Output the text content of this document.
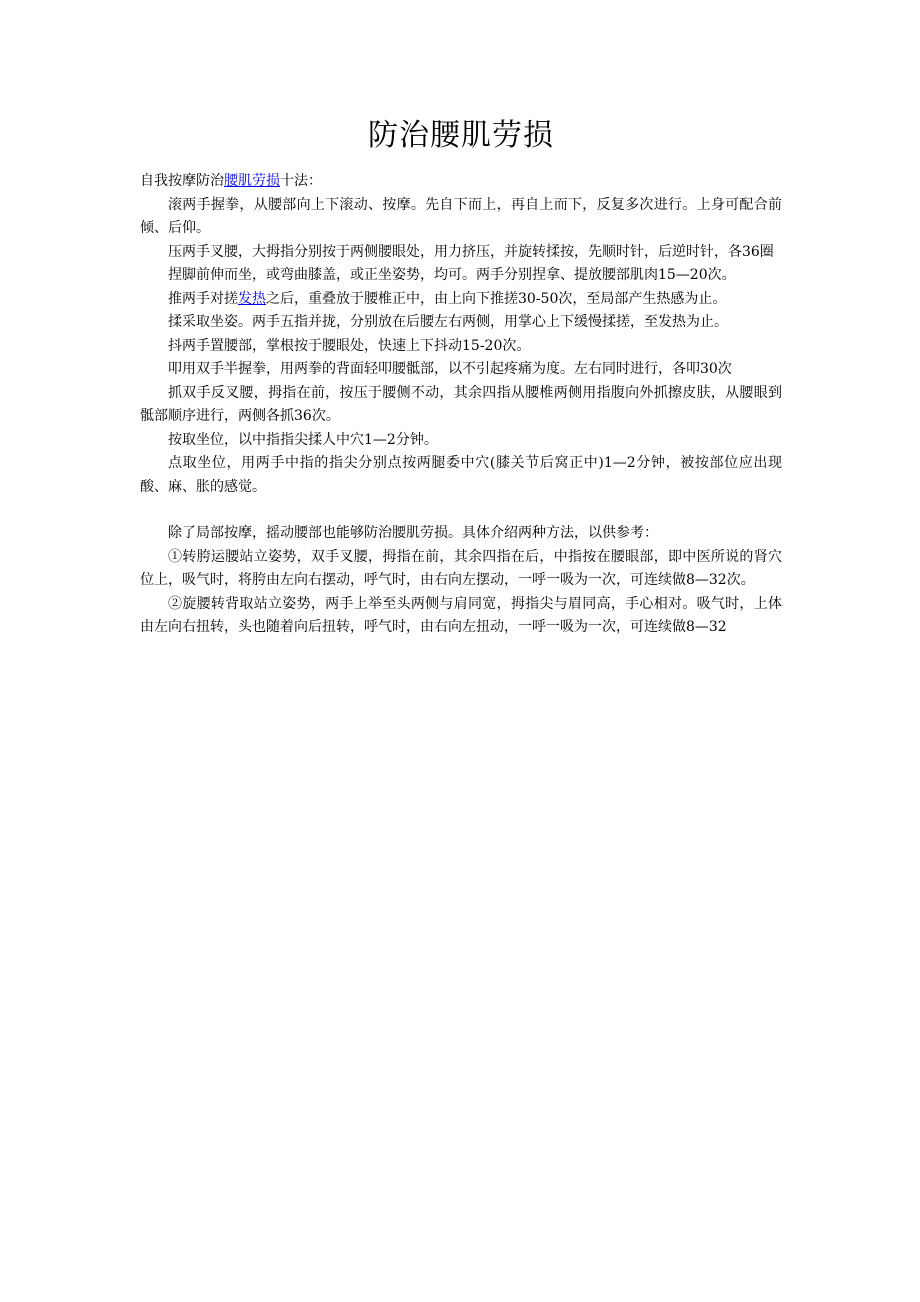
防治腰肌劳损

自我按摩防治腰肌劳损十法：

滚两手握拳，从腰部向上下滚动、按摩。先自下而上，再自上而下，反复多次进行。上身可配合前倾、后仰。

压两手叉腰，大拇指分别按于两侧腰眼处，用力挤压，并旋转揉按，先顺时针，后逆时针，各36圈

捏脚前伸而坐，或弯曲膝盖，或正坐姿势，均可。两手分别捏拿、提放腰部肌肉15—20次。

推两手对搓发热之后，重叠放于腰椎正中，由上向下推搓30-50次，至局部产生热感为止。

揉采取坐姿。两手五指并拢，分别放在后腰左右两侧，用掌心上下缓慢揉搓，至发热为止。

抖两手置腰部，掌根按于腰眼处，快速上下抖动15-20次。

叩用双手半握拳，用两拳的背面轻叩腰骶部，以不引起疼痛为度。左右同时进行，各叩30次

抓双手反叉腰，拇指在前，按压于腰侧不动，其余四指从腰椎两侧用指腹向外抓擦皮肤，从腰眼到骶部顺序进行，两侧各抓36次。

按取坐位，以中指指尖揉人中穴1—2分钟。

点取坐位，用两手中指的指尖分别点按两腿委中穴(膝关节后窝正中)1—2分钟，被按部位应出现酸、麻、胀的感觉。

除了局部按摩，摇动腰部也能够防治腰肌劳损。具体介绍两种方法，以供参考：

①转胯运腰站立姿势，双手叉腰，拇指在前，其余四指在后，中指按在腰眼部，即中医所说的肾穴位上，吸气时，将胯由左向右摆动，呼气时，由右向左摆动，一呼一吸为一次，可连续做8—32次。

②旋腰转背取站立姿势，两手上举至头两侧与肩同宽，拇指尖与眉同高，手心相对。吸气时，上体由左向右扭转，头也随着向后扭转，呼气时，由右向左扭动，一呼一吸为一次，可连续做8—32
